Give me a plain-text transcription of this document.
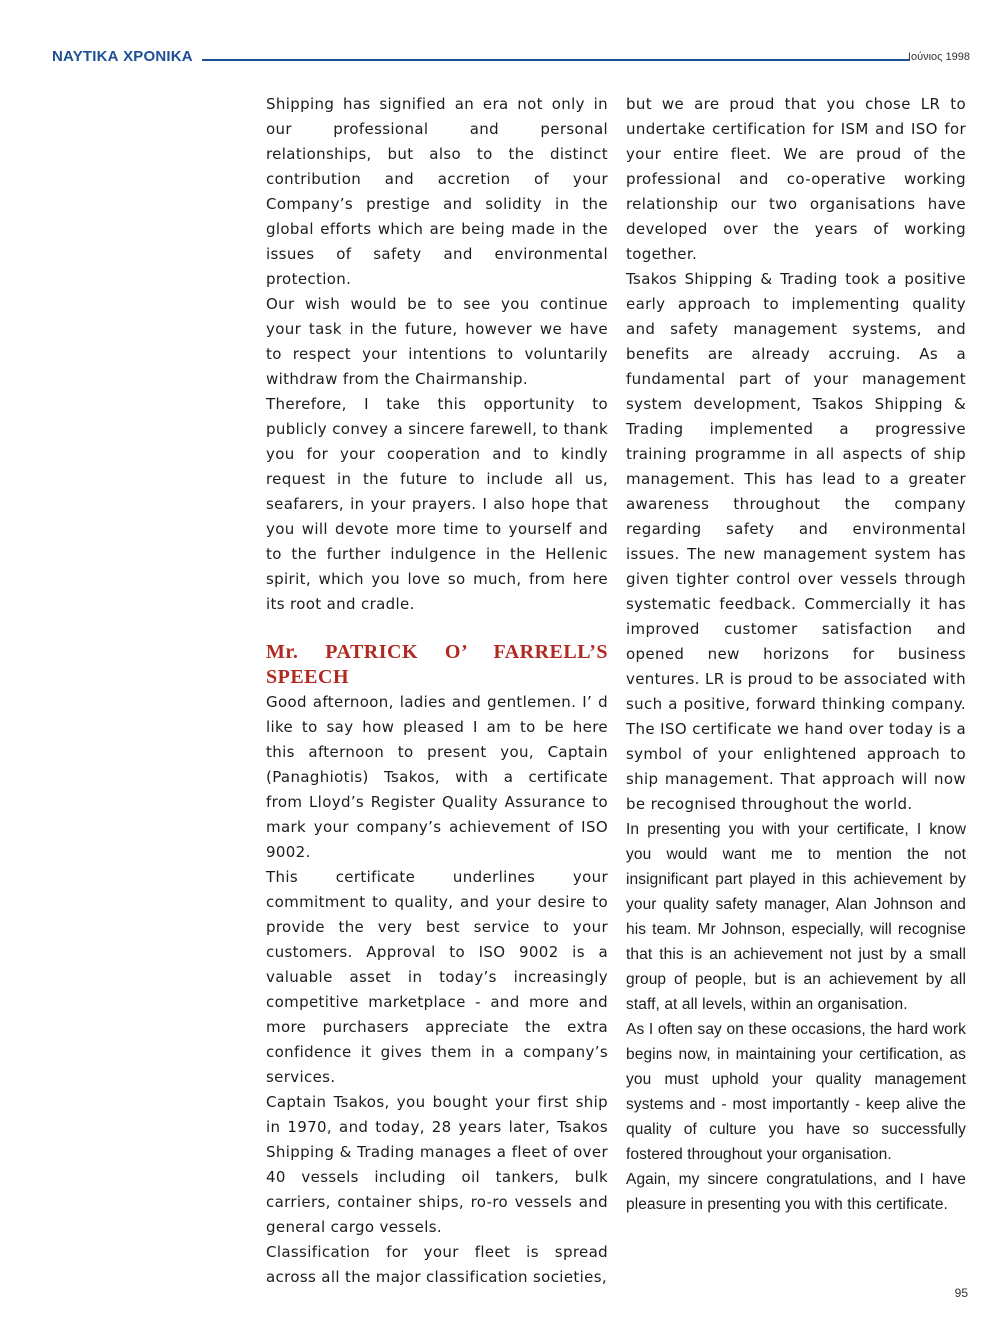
ΝΑΥΤΙΚΑ ΧΡΟΝΙΚΑ	Ιούνιος 1998

Shipping has signified an era not only in our professional and personal relationships, but also to the distinct contribution and accretion of your Company’s prestige and solidity in the global efforts which are being made in the issues of safety and environmental protection.

Our wish would be to see you continue your task in the future, however we have to respect your intentions to voluntarily withdraw from the Chairmanship.

Therefore, I take this opportunity to publicly convey a sincere farewell, to thank you for your cooperation and to kindly request in the future to include all us, seafarers, in your prayers. I also hope that you will devote more time to yourself and to the further indulgence in the Hellenic spirit, which you love so much, from here its root and cradle.

Mr. PATRICK O’ FARRELL’S SPEECH

Good afternoon, ladies and gentlemen. I’ d like to say how pleased I am to be here this afternoon to present you, Captain (Panaghiotis) Tsakos, with a certificate from Lloyd’s Register Quality Assurance to mark your company’s achievement of ISO 9002.

This certificate underlines your commitment to quality, and your desire to provide the very best service to your customers. Approval to ISO 9002 is a valuable asset in today’s increasingly competitive marketplace - and more and more purchasers appreciate the extra confidence it gives them in a company’s services.

Captain Tsakos, you bought your first ship in 1970, and today, 28 years later, Tsakos Shipping & Trading manages a fleet of over 40 vessels including oil tankers, bulk carriers, container ships, ro-ro vessels and general cargo vessels.

Classification for your fleet is spread across all the major classification societies,

but we are proud that you chose LR to undertake certification for ISM and ISO for your entire fleet. We are proud of the professional and co-operative working relationship our two organisations have developed over the years of working together.

Tsakos Shipping & Trading took a positive early approach to implementing quality and safety management systems, and benefits are already accruing. As a fundamental part of your management system development, Tsakos Shipping & Trading implemented a progressive training programme in all aspects of ship management. This has lead to a greater awareness throughout the company regarding safety and environmental issues. The new management system has given tighter control over vessels through systematic feedback. Commercially it has improved customer satisfaction and opened new horizons for business ventures. LR is proud to be associated with such a positive, forward thinking company. The ISO certificate we hand over today is a symbol of your enlightened approach to ship management. That approach will now be recognised throughout the world.

In presenting you with your certificate, I know you would want me to mention the not insignificant part played in this achievement by your quality safety manager, Alan Johnson and his team. Mr Johnson, especially, will recognise that this is an achievement not just by a small group of people, but is an achievement by all staff, at all levels, within an organisation.

As I often say on these occasions, the hard work begins now, in maintaining your certification, as you must uphold your quality management systems and - most importantly - keep alive the quality of culture you have so successfully fostered throughout your organisation.

Again, my sincere congratulations, and I have pleasure in presenting you with this certificate.

95
